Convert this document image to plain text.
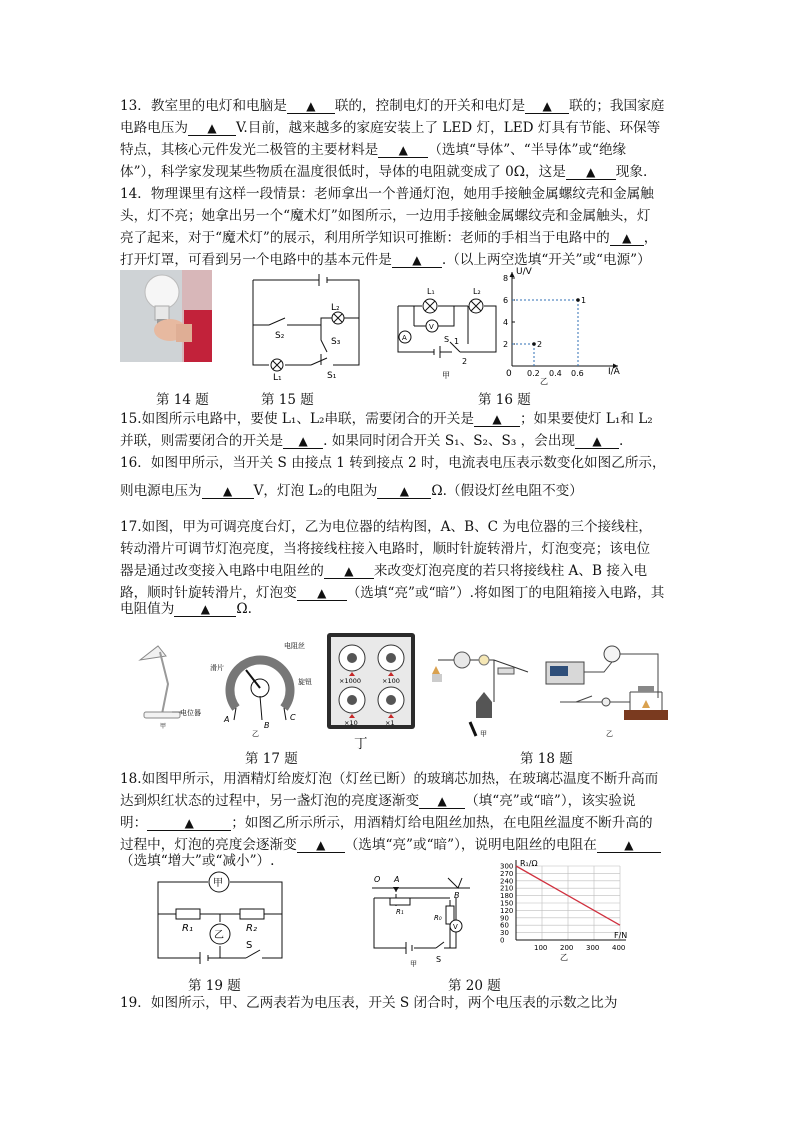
13．教室里的电灯和电脑是 ▲ 联的，控制电灯的开关和电灯是 ▲ 联的；我国家庭
电路电压为 ▲ V.目前，越来越多的家庭安装上了 LED 灯，LED 灯具有节能、环保等
特点，其核心元件发光二极管的主要材料是 ▲ （选填“导体”、“半导体”或“绝缘
体”），科学家发现某些物质在温度很低时，导体的电阻就变成了 0Ω，这是 ▲ 现象.
14．物理课里有这样一段情景：老师拿出一个普通灯泡，她用手接触金属螺纹壳和金属触
头，灯不亮；她拿出另一个“魔术灯”如图所示，一边用手接触金属螺纹壳和金属触头，灯
亮了起来，对于“魔术灯”的展示，利用所学知识可推断：老师的手相当于电路中的 ▲ ，
打开灯罩，可看到另一个电路中的基本元件是 ▲ .（以上两空选填“开关”或“电源”）
第 14 题
S₂
S₃
S₁
L₁
L₂
第 15 题
L₁	L₂
V
A	S 1
2
甲
U/V
I/A
0
2
4
6
8
0.2 0.4 0.6
1
2
乙
第 16 题
15.如图所示电路中，要使 L₁、L₂串联，需要闭合的开关是 ▲ ；如果要使灯 L₁和 L₂
并联，则需要闭合的开关是 ▲ . 如果同时闭合开关 S₁、S₂、S₃ ，会出现 ▲ .
16．如图甲所示，当开关 S 由接点 1 转到接点 2 时，电流表电压表示数变化如图乙所示，
则电源电压为 ▲ V，灯泡 L₂的电阻为 ▲ Ω.（假设灯丝电阻不变）
17.如图，甲为可调亮度台灯，乙为电位器的结构图，A、B、C 为电位器的三个接线柱，
转动滑片可调节灯泡亮度，当将接线柱接入电路时，顺时针旋转滑片，灯泡变亮；该电位
器是通过改变接入电路中电阻丝的 ▲ 来改变灯泡亮度的若只将接线柱 A、B 接入电
路，顺时针旋转滑片，灯泡变 ▲ （选填“亮”或“暗”）.将如图丁的电阻箱接入电路，其
电阻值为 ▲ Ω.
电位器
甲
滑片
电阻丝
旋钮
A
B
C
乙
×1000	×100
×10	×1
丁
甲	乙
第 17 题	第 18 题
18.如图甲所示，用酒精灯给废灯泡（灯丝已断）的玻璃芯加热，在玻璃芯温度不断升高而
达到炽红状态的过程中，另一盏灯泡的亮度逐渐变 ▲ （填“亮”或“暗”），该实验说
明：	▲	；如图乙所示所示，用酒精灯给电阻丝加热，在电阻丝温度不断升高的
过程中，灯泡的亮度会逐渐变 ▲ （选填“亮”或“暗”），说明电阻丝的电阻在 ▲
（选填“增大”或“减小”）.
甲
乙
R₁	R₂
S
第 19 题
O A
B
R₁
R₀
V
S
甲
R₁/Ω
F/N
0
30
60
90
120
150
180
210
240
270
300
100 200 300 400
乙
第 20 题
19．如图所示，甲、乙两表若为电压表，开关 S 闭合时，两个电压表的示数之比为
